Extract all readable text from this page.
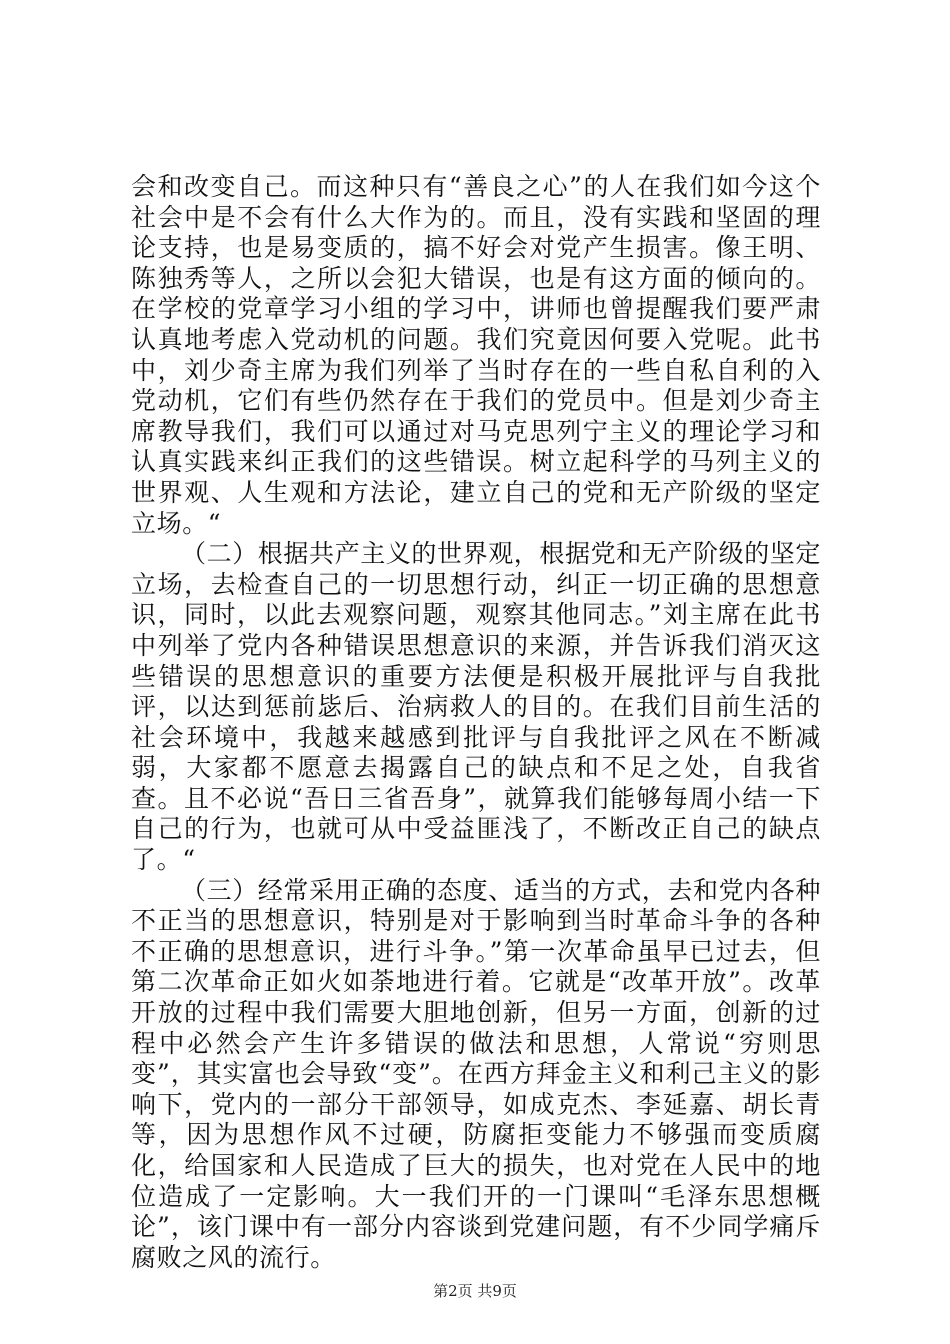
会和改变自己。而这种只有“善良之心”的人在我们如今这个社会中是不会有什么大作为的。而且，没有实践和坚固的理论支持，也是易变质的，搞不好会对党产生损害。像王明、陈独秀等人，之所以会犯大错误，也是有这方面的倾向的。在学校的党章学习小组的学习中，讲师也曾提醒我们要严肃认真地考虑入党动机的问题。我们究竟因何要入党呢。此书中，刘少奇主席为我们列举了当时存在的一些自私自利的入党动机，它们有些仍然存在于我们的党员中。但是刘少奇主席教导我们，我们可以通过对马克思列宁主义的理论学习和认真实践来纠正我们的这些错误。树立起科学的马列主义的世界观、人生观和方法论，建立自己的党和无产阶级的坚定立场。“

（二）根据共产主义的世界观，根据党和无产阶级的坚定立场，去检查自己的一切思想行动，纠正一切正确的思想意识，同时，以此去观察问题，观察其他同志。”刘主席在此书中列举了党内各种错误思想意识的来源，并告诉我们消灭这些错误的思想意识的重要方法便是积极开展批评与自我批评，以达到惩前毖后、治病救人的目的。在我们目前生活的社会环境中，我越来越感到批评与自我批评之风在不断减弱，大家都不愿意去揭露自己的缺点和不足之处，自我省查。且不必说“吾日三省吾身”，就算我们能够每周小结一下自己的行为，也就可从中受益匪浅了，不断改正自己的缺点了。“

（三）经常采用正确的态度、适当的方式，去和党内各种不正当的思想意识，特别是对于影响到当时革命斗争的各种不正确的思想意识，进行斗争。”第一次革命虽早已过去，但第二次革命正如火如荼地进行着。它就是“改革开放”。改革开放的过程中我们需要大胆地创新，但另一方面，创新的过程中必然会产生许多错误的做法和思想，人常说“穷则思变”，其实富也会导致“变”。在西方拜金主义和利己主义的影响下，党内的一部分干部领导，如成克杰、李延嘉、胡长青等，因为思想作风不过硬，防腐拒变能力不够强而变质腐化，给国家和人民造成了巨大的损失，也对党在人民中的地位造成了一定影响。大一我们开的一门课叫“毛泽东思想概论”，该门课中有一部分内容谈到党建问题，有不少同学痛斥腐败之风的流行。

第2页 共9页
